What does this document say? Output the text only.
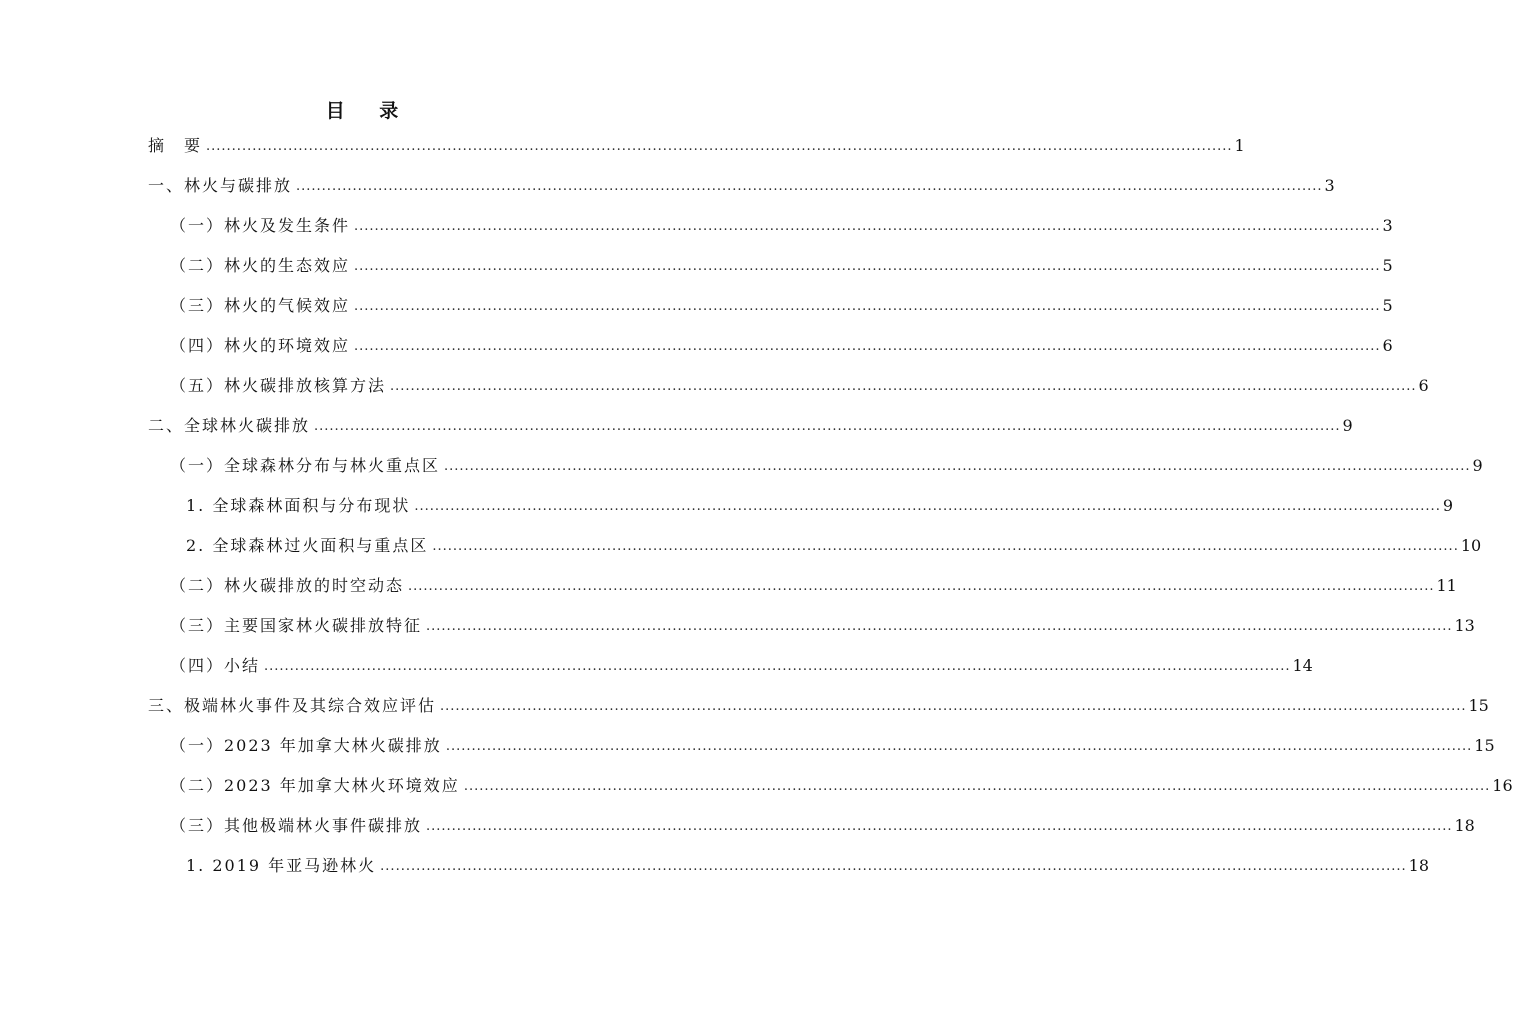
目 录
摘　要 ........................................................................................................................................................................................................ 1
一、林火与碳排放 ........................................................................................................................................................................................................ 3
（一）林火及发生条件 ........................................................................................................................................................................................................ 3
（二）林火的生态效应 ........................................................................................................................................................................................................ 5
（三）林火的气候效应 ........................................................................................................................................................................................................ 5
（四）林火的环境效应 ........................................................................................................................................................................................................ 6
（五）林火碳排放核算方法 ........................................................................................................................................................................................................ 6
二、全球林火碳排放 ........................................................................................................................................................................................................ 9
（一）全球森林分布与林火重点区 ........................................................................................................................................................................................................ 9
1. 全球森林面积与分布现状 ........................................................................................................................................................................................................ 9
2. 全球森林过火面积与重点区 ........................................................................................................................................................................................................ 10
（二）林火碳排放的时空动态 ........................................................................................................................................................................................................ 11
（三）主要国家林火碳排放特征 ........................................................................................................................................................................................................ 13
（四）小结 ........................................................................................................................................................................................................ 14
三、极端林火事件及其综合效应评估 ........................................................................................................................................................................................................ 15
（一）2023 年加拿大林火碳排放 ........................................................................................................................................................................................................ 15
（二）2023 年加拿大林火环境效应 ........................................................................................................................................................................................................ 16
（三）其他极端林火事件碳排放 ........................................................................................................................................................................................................ 18
1. 2019 年亚马逊林火 ........................................................................................................................................................................................................ 18
